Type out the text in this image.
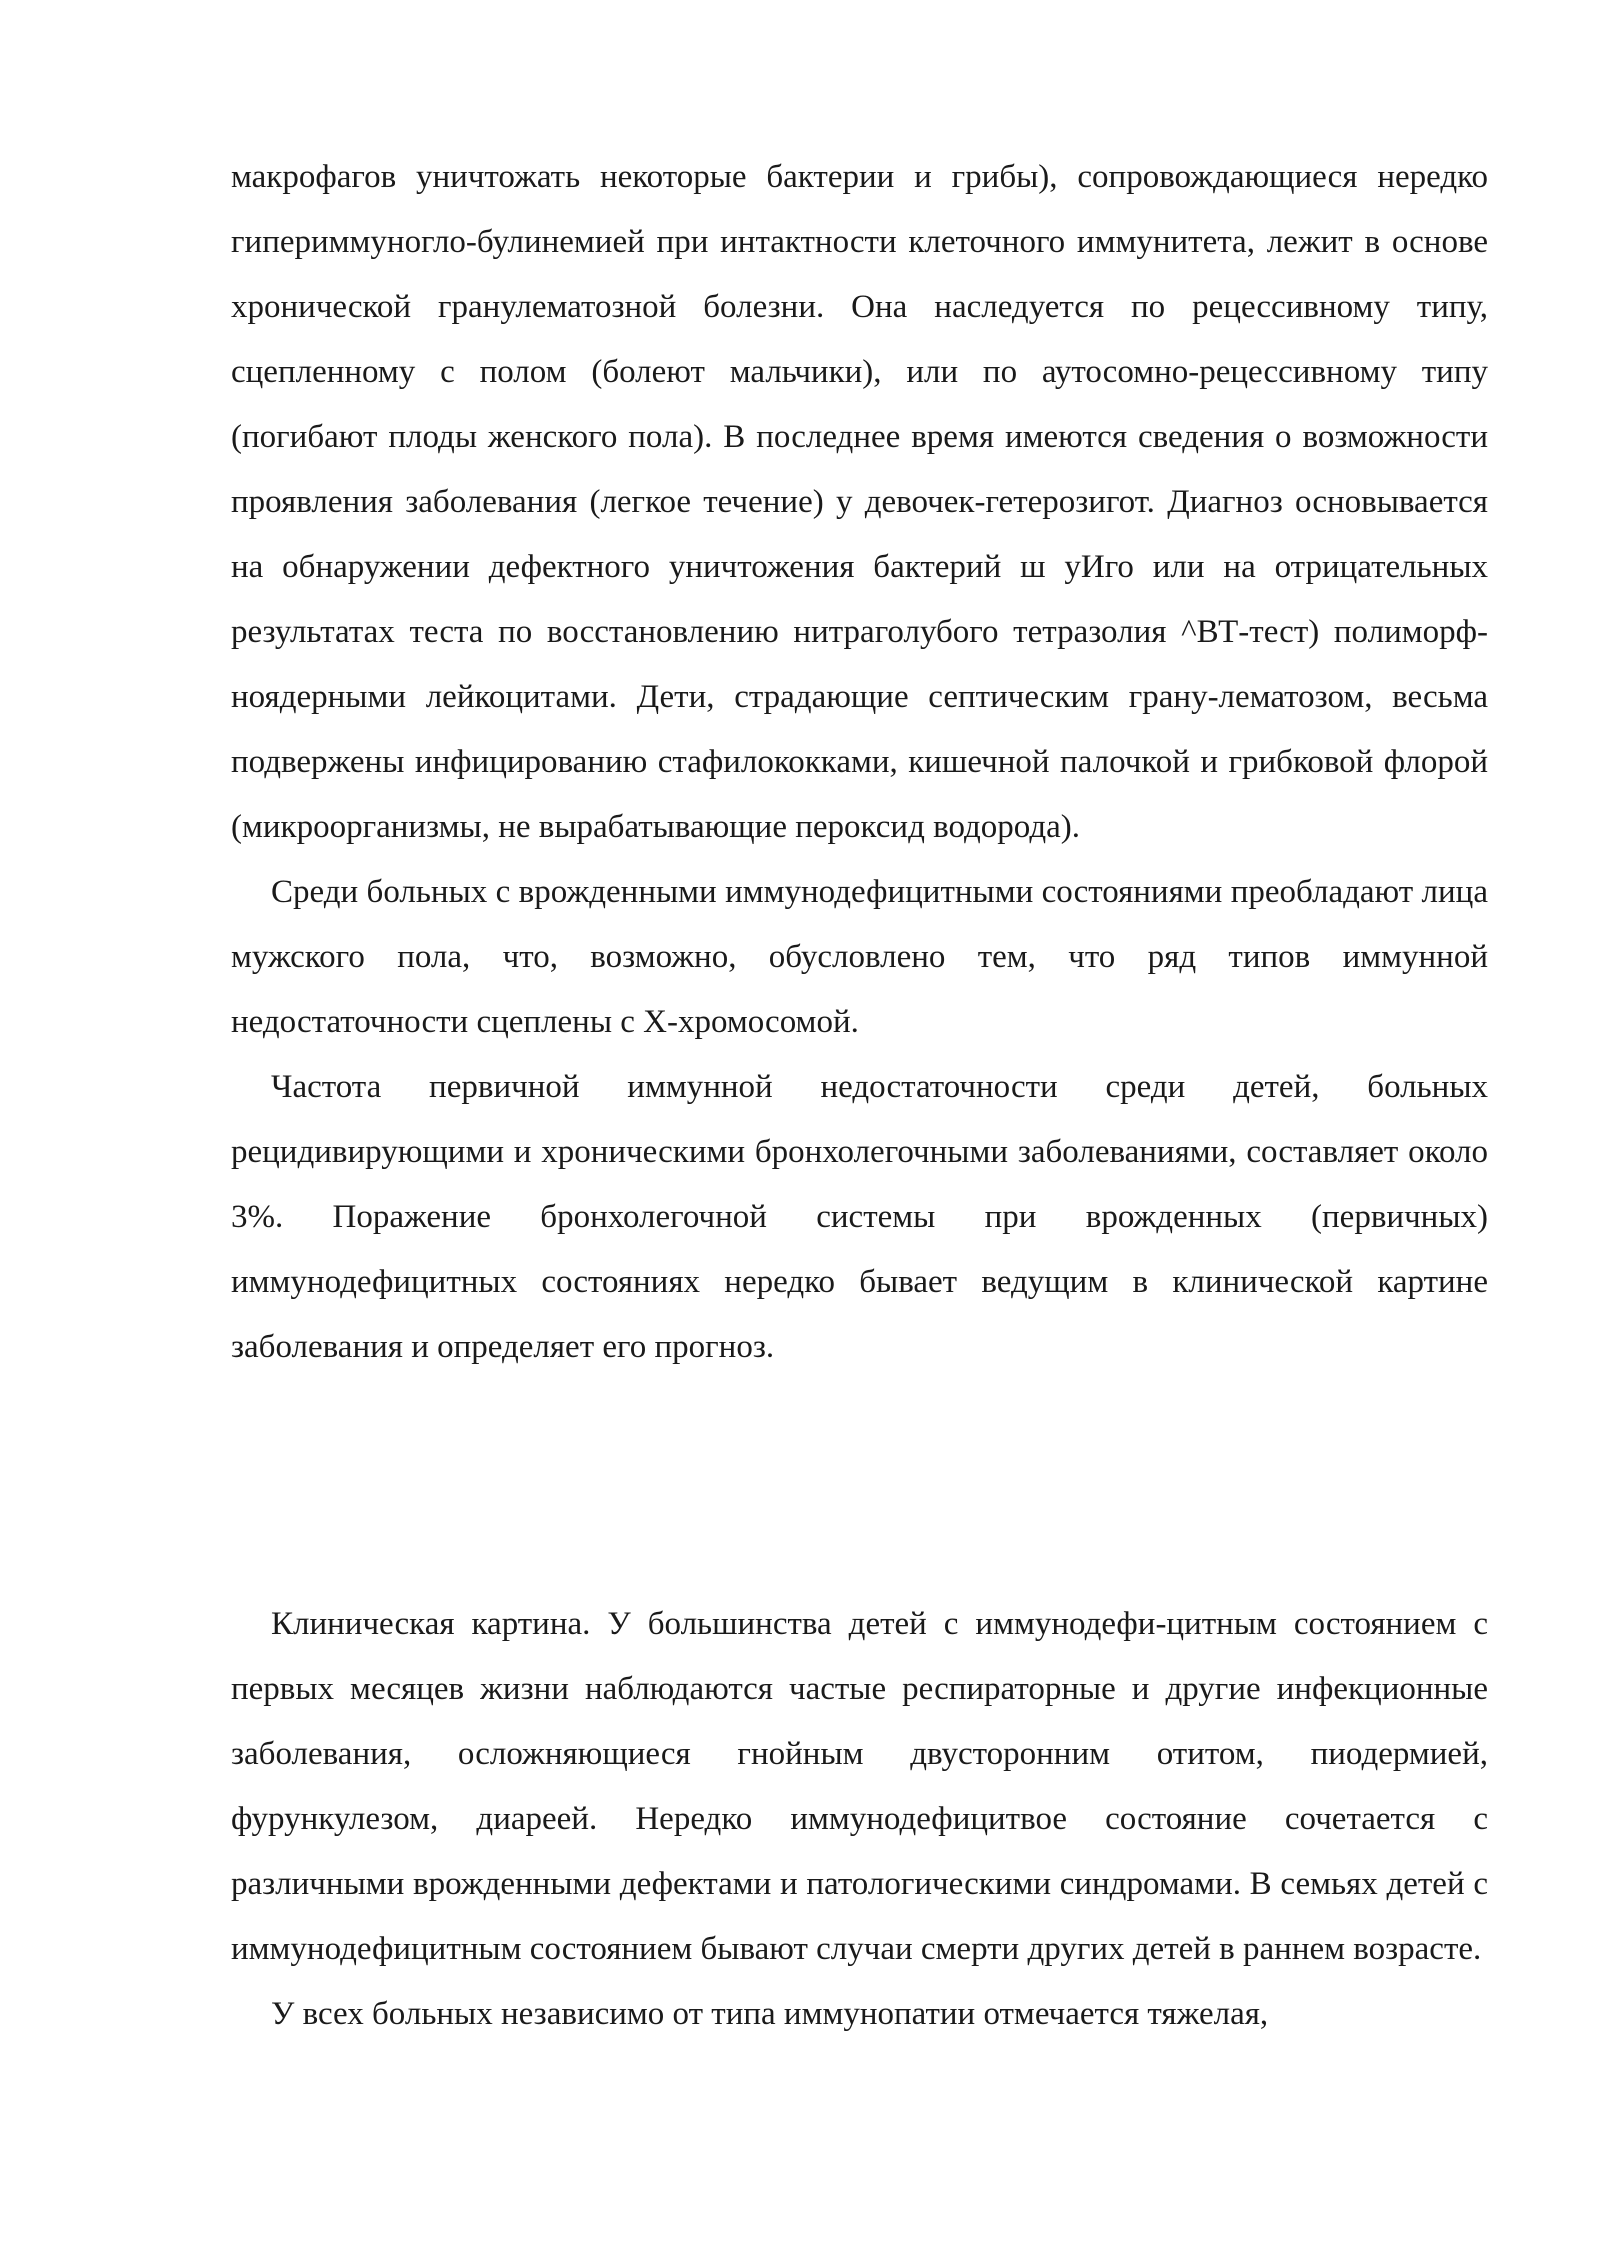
макрофагов уничтожать некоторые бактерии и грибы), сопровождающиеся нередко гипериммуногло-булинемией при интактности клеточного иммунитета, лежит в основе хронической гранулематозной болезни. Она наследуется по рецессивному типу, сцепленному с полом (болеют мальчики), или по аутосомно-рецессивному типу (погибают плоды женского пола). В последнее время имеются сведения о возможности проявления заболевания (легкое течение) у девочек-гетерозигот. Диагноз основывается на обнаружении дефектного уничтожения бактерий ш уИго или на отрицательных результатах теста по восстановлению нитраголубого тетразолия ^ВТ-тест) полиморф-ноядерными лейкоцитами. Дети, страдающие септическим грану-лематозом, весьма подвержены инфицированию стафилококками, кишечной палочкой и грибковой флорой (микроорганизмы, не вырабатывающие пероксид водорода).

Среди больных с врожденными иммунодефицитными состояниями преобладают лица мужского пола, что, возможно, обусловлено тем, что ряд типов иммунной недостаточности сцеплены с Х-хромосомой.

Частота первичной иммунной недостаточности среди детей, больных рецидивирующими и хроническими бронхолегочными заболеваниями, составляет около 3%. Поражение бронхолегочной системы при врожденных (первичных) иммунодефицитных состояниях нередко бывает ведущим в клинической картине заболевания и определяет его прогноз.

Клиническая картина. У большинства детей с иммунодефи-цитным состоянием с первых месяцев жизни наблюдаются частые респираторные и другие инфекционные заболевания, осложняющиеся гнойным двусторонним отитом, пиодермией, фурункулезом, диареей. Нередко иммунодефицитвое состояние сочетается с различными врожденными дефектами и патологическими синдромами. В семьях детей с иммунодефицитным состоянием бывают случаи смерти других детей в раннем возрасте.

У всех больных независимо от типа иммунопатии отмечается тяжелая,
